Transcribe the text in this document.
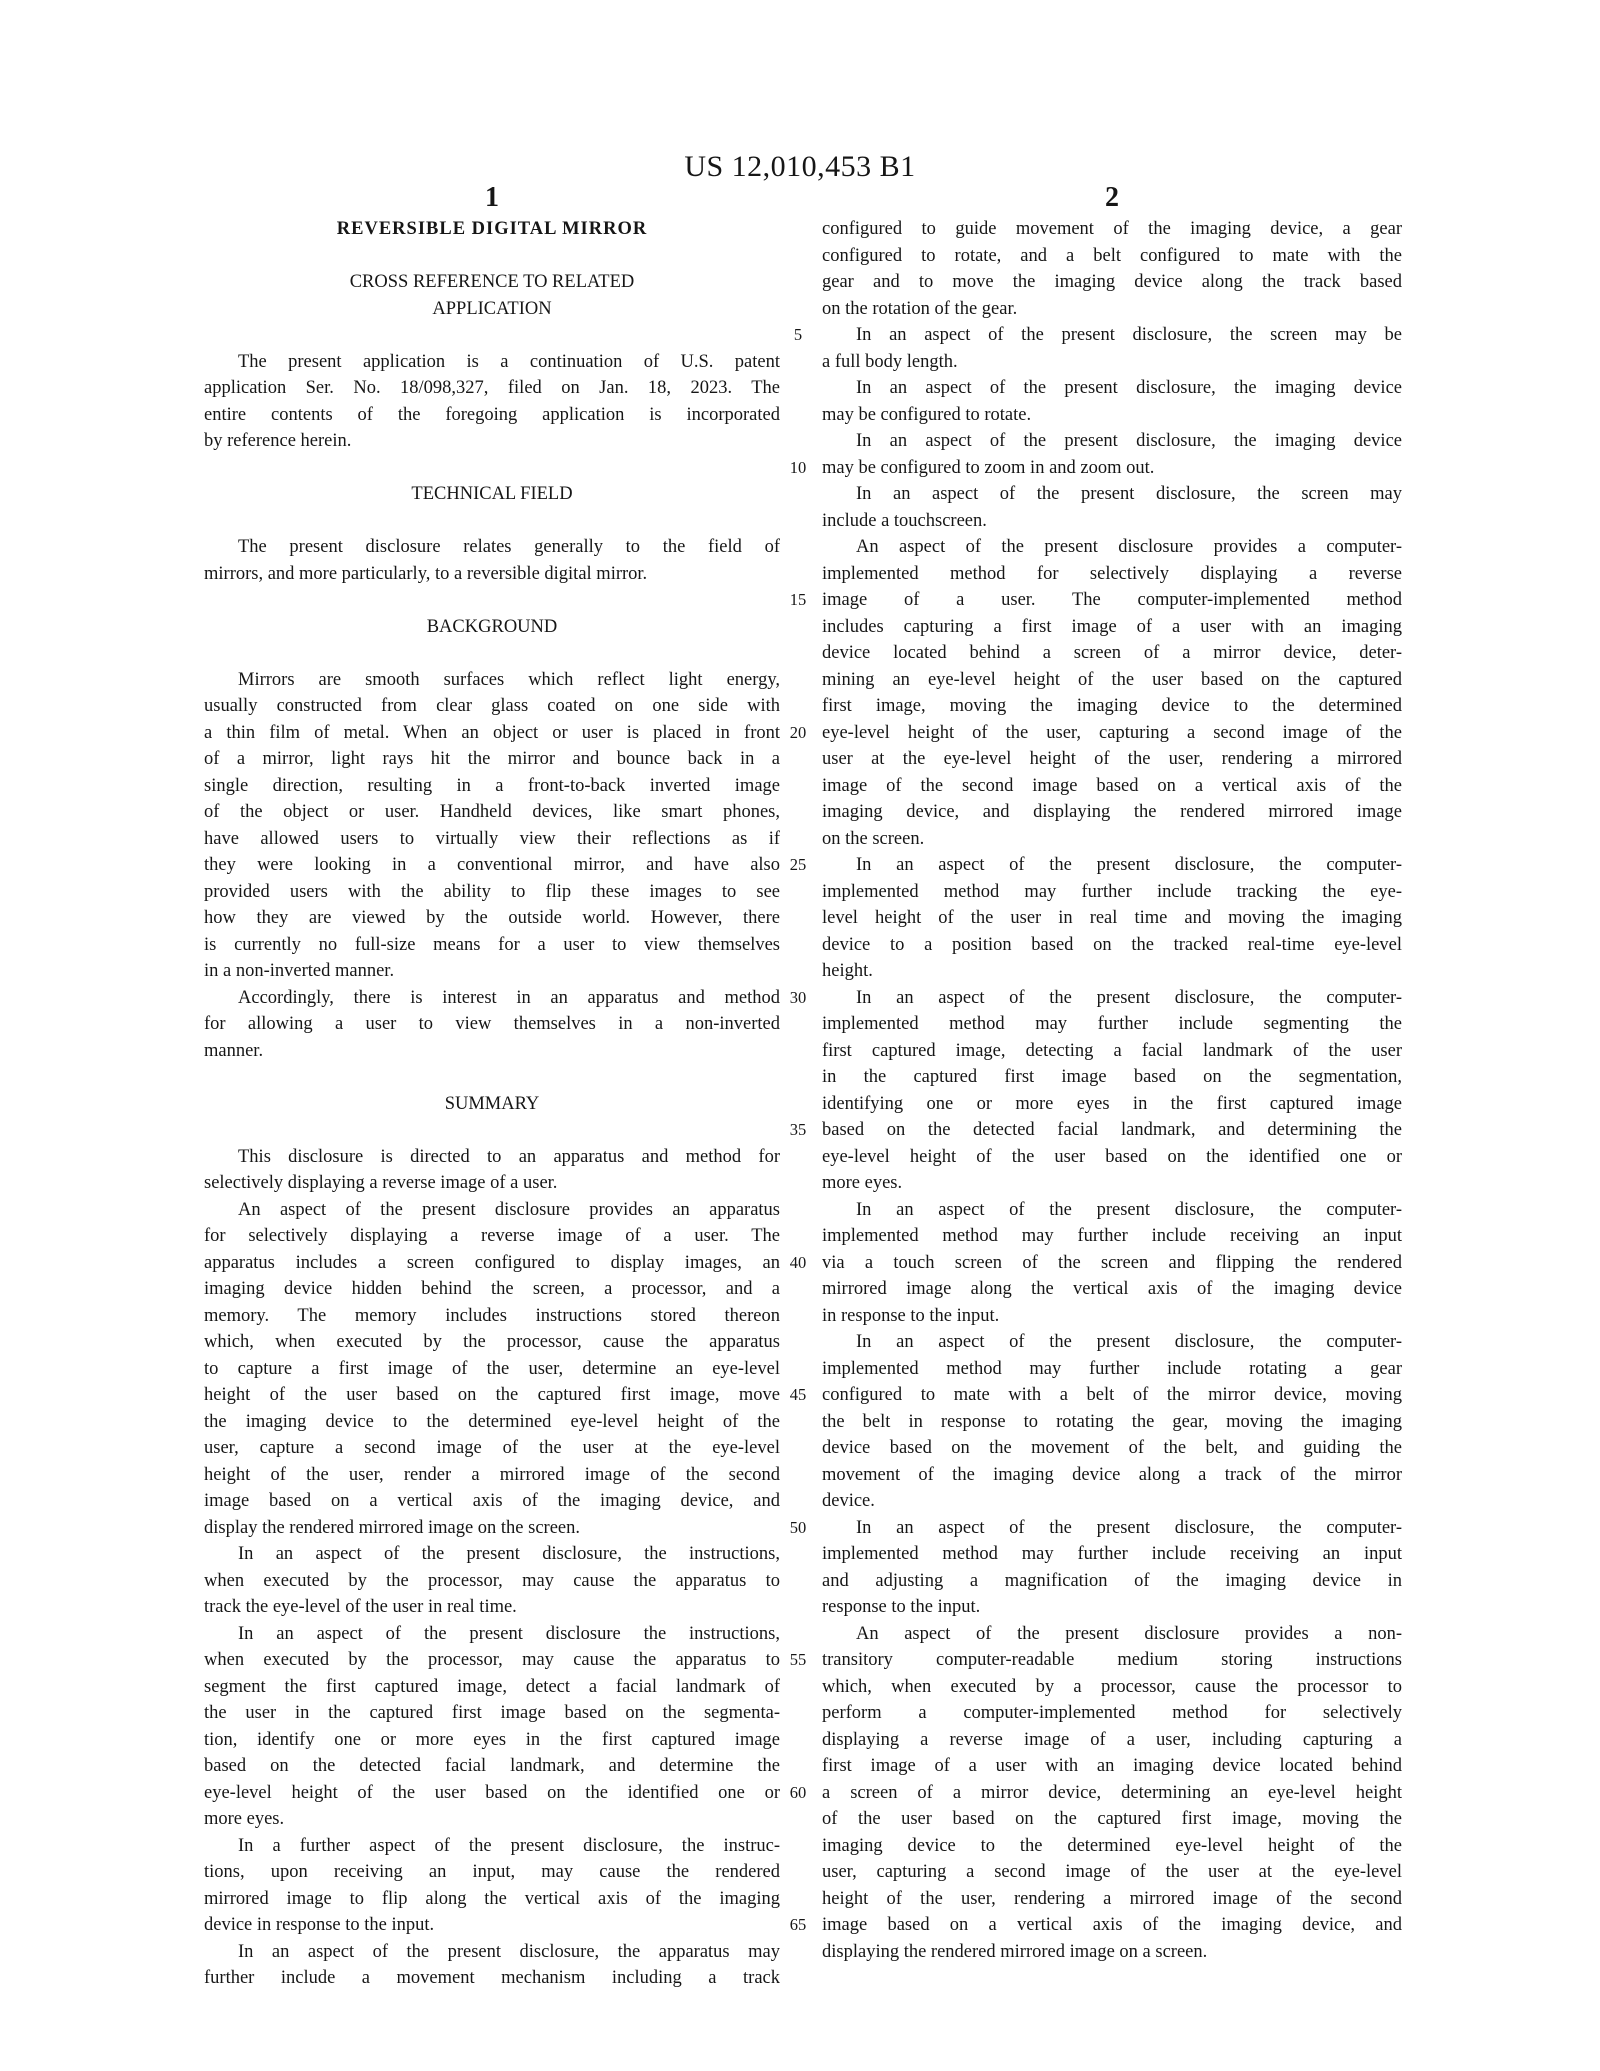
US 12,010,453 B1
1	2
REVERSIBLE DIGITAL MIRROR
CROSS REFERENCE TO RELATED
APPLICATION
The present application is a continuation of U.S. patent
application Ser. No. 18/098,327, filed on Jan. 18, 2023. The
entire contents of the foregoing application is incorporated
by reference herein.
TECHNICAL FIELD
The present disclosure relates generally to the field of
mirrors, and more particularly, to a reversible digital mirror.
BACKGROUND
Mirrors are smooth surfaces which reflect light energy,
usually constructed from clear glass coated on one side with
a thin film of metal. When an object or user is placed in front
of a mirror, light rays hit the mirror and bounce back in a
single direction, resulting in a front-to-back inverted image
of the object or user. Handheld devices, like smart phones,
have allowed users to virtually view their reflections as if
they were looking in a conventional mirror, and have also
provided users with the ability to flip these images to see
how they are viewed by the outside world. However, there
is currently no full-size means for a user to view themselves
in a non-inverted manner.
Accordingly, there is interest in an apparatus and method
for allowing a user to view themselves in a non-inverted
manner.
SUMMARY
This disclosure is directed to an apparatus and method for
selectively displaying a reverse image of a user.
An aspect of the present disclosure provides an apparatus
for selectively displaying a reverse image of a user. The
apparatus includes a screen configured to display images, an
imaging device hidden behind the screen, a processor, and a
memory. The memory includes instructions stored thereon
which, when executed by the processor, cause the apparatus
to capture a first image of the user, determine an eye-level
height of the user based on the captured first image, move
the imaging device to the determined eye-level height of the
user, capture a second image of the user at the eye-level
height of the user, render a mirrored image of the second
image based on a vertical axis of the imaging device, and
display the rendered mirrored image on the screen.
In an aspect of the present disclosure, the instructions,
when executed by the processor, may cause the apparatus to
track the eye-level of the user in real time.
In an aspect of the present disclosure the instructions,
when executed by the processor, may cause the apparatus to
segment the first captured image, detect a facial landmark of
the user in the captured first image based on the segmenta-
tion, identify one or more eyes in the first captured image
based on the detected facial landmark, and determine the
eye-level height of the user based on the identified one or
more eyes.
In a further aspect of the present disclosure, the instruc-
tions, upon receiving an input, may cause the rendered
mirrored image to flip along the vertical axis of the imaging
device in response to the input.
In an aspect of the present disclosure, the apparatus may
further include a movement mechanism including a track
5
10
15
20
25
30
35
40
45
50
55
60
65
configured to guide movement of the imaging device, a gear
configured to rotate, and a belt configured to mate with the
gear and to move the imaging device along the track based
on the rotation of the gear.
In an aspect of the present disclosure, the screen may be
a full body length.
In an aspect of the present disclosure, the imaging device
may be configured to rotate.
In an aspect of the present disclosure, the imaging device
may be configured to zoom in and zoom out.
In an aspect of the present disclosure, the screen may
include a touchscreen.
An aspect of the present disclosure provides a computer-
implemented method for selectively displaying a reverse
image of a user. The computer-implemented method
includes capturing a first image of a user with an imaging
device located behind a screen of a mirror device, deter-
mining an eye-level height of the user based on the captured
first image, moving the imaging device to the determined
eye-level height of the user, capturing a second image of the
user at the eye-level height of the user, rendering a mirrored
image of the second image based on a vertical axis of the
imaging device, and displaying the rendered mirrored image
on the screen.
In an aspect of the present disclosure, the computer-
implemented method may further include tracking the eye-
level height of the user in real time and moving the imaging
device to a position based on the tracked real-time eye-level
height.
In an aspect of the present disclosure, the computer-
implemented method may further include segmenting the
first captured image, detecting a facial landmark of the user
in the captured first image based on the segmentation,
identifying one or more eyes in the first captured image
based on the detected facial landmark, and determining the
eye-level height of the user based on the identified one or
more eyes.
In an aspect of the present disclosure, the computer-
implemented method may further include receiving an input
via a touch screen of the screen and flipping the rendered
mirrored image along the vertical axis of the imaging device
in response to the input.
In an aspect of the present disclosure, the computer-
implemented method may further include rotating a gear
configured to mate with a belt of the mirror device, moving
the belt in response to rotating the gear, moving the imaging
device based on the movement of the belt, and guiding the
movement of the imaging device along a track of the mirror
device.
In an aspect of the present disclosure, the computer-
implemented method may further include receiving an input
and adjusting a magnification of the imaging device in
response to the input.
An aspect of the present disclosure provides a non-
transitory computer-readable medium storing instructions
which, when executed by a processor, cause the processor to
perform a computer-implemented method for selectively
displaying a reverse image of a user, including capturing a
first image of a user with an imaging device located behind
a screen of a mirror device, determining an eye-level height
of the user based on the captured first image, moving the
imaging device to the determined eye-level height of the
user, capturing a second image of the user at the eye-level
height of the user, rendering a mirrored image of the second
image based on a vertical axis of the imaging device, and
displaying the rendered mirrored image on a screen.
